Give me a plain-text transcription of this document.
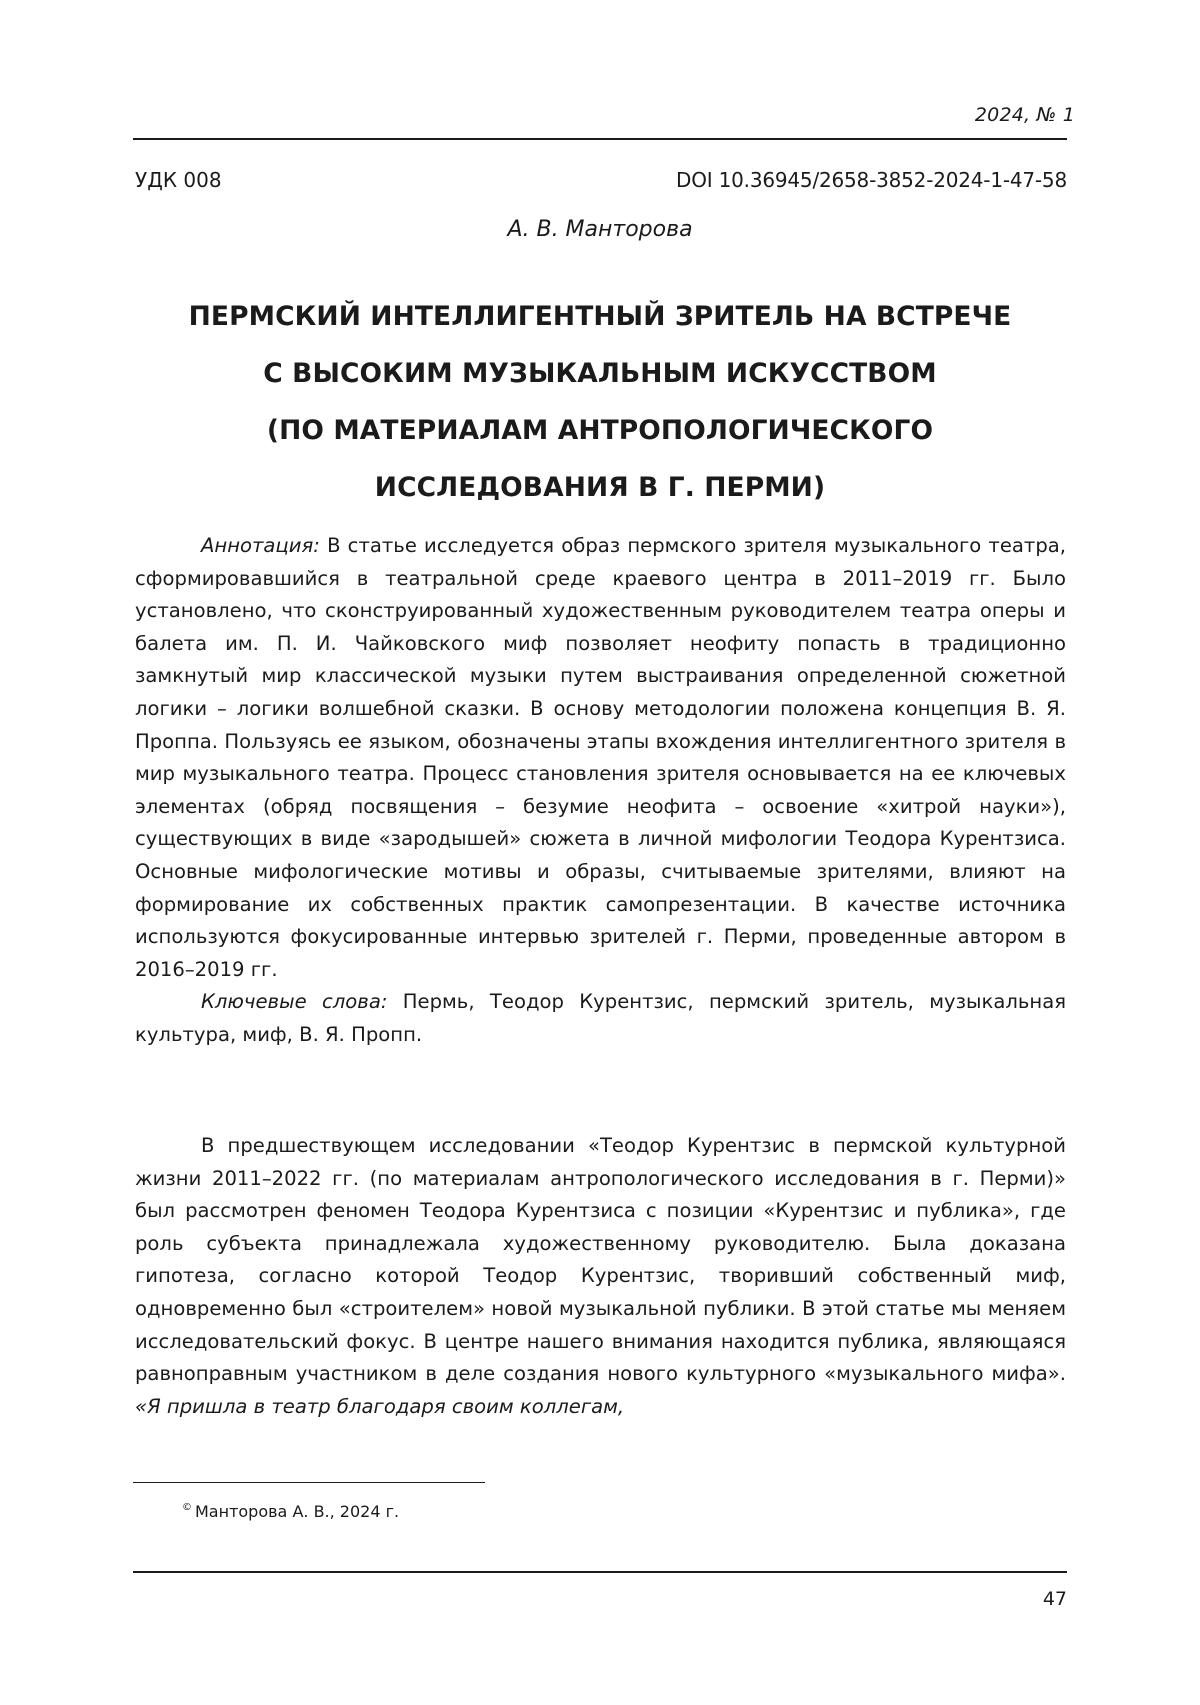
2024, № 1
УДК 008	DOI 10.36945/2658-3852-2024-1-47-58
А. В. Манторова
ПЕРМСКИЙ ИНТЕЛЛИГЕНТНЫЙ ЗРИТЕЛЬ НА ВСТРЕЧЕ
С ВЫСОКИМ МУЗЫКАЛЬНЫМ ИСКУССТВОМ
(ПО МАТЕРИАЛАМ АНТРОПОЛОГИЧЕСКОГО
ИССЛЕДОВАНИЯ В Г. ПЕРМИ)

Аннотация: В статье исследуется образ пермского зрителя музыкального театра, сформировавшийся в театральной среде краевого центра в 2011–2019 гг. Было установлено, что сконструированный художественным руководителем театра оперы и балета им. П. И. Чайковского миф позволяет неофиту попасть в традиционно замкнутый мир классической музыки путем выстраивания определенной сюжетной логики – логики волшебной сказки. В основу методологии положена концепция В. Я. Проппа. Пользуясь ее языком, обозначены этапы вхождения интеллигентного зрителя в мир музыкального театра. Процесс становления зрителя основывается на ее ключевых элементах (обряд посвящения – безумие неофита – освоение «хитрой науки»), существующих в виде «зародышей» сюжета в личной мифологии Теодора Курентзиса. Основные мифологические мотивы и образы, считываемые зрителями, влияют на формирование их собственных практик самопрезентации. В качестве источника используются фокусированные интервью зрителей г. Перми, проведенные автором в 2016–2019 гг.

Ключевые слова: Пермь, Теодор Курентзис, пермский зритель, музыкальная культура, миф, В. Я. Пропп.

В предшествующем исследовании «Теодор Курентзис в пермской культурной жизни 2011–2022 гг. (по материалам антропологического исследования в г. Перми)» был рассмотрен феномен Теодора Курентзиса с позиции «Курентзис и публика», где роль субъекта принадлежала художественному руководителю. Была доказана гипотеза, согласно которой Теодор Курентзис, творивший собственный миф, одновременно был «строителем» новой музыкальной публики. В этой статье мы меняем исследовательский фокус. В центре нашего внимания находится публика, являющаяся равноправным участником в деле создания нового культурного «музыкального мифа». «Я пришла в театр благодаря своим коллегам,

© Манторова А. В., 2024 г.
47
